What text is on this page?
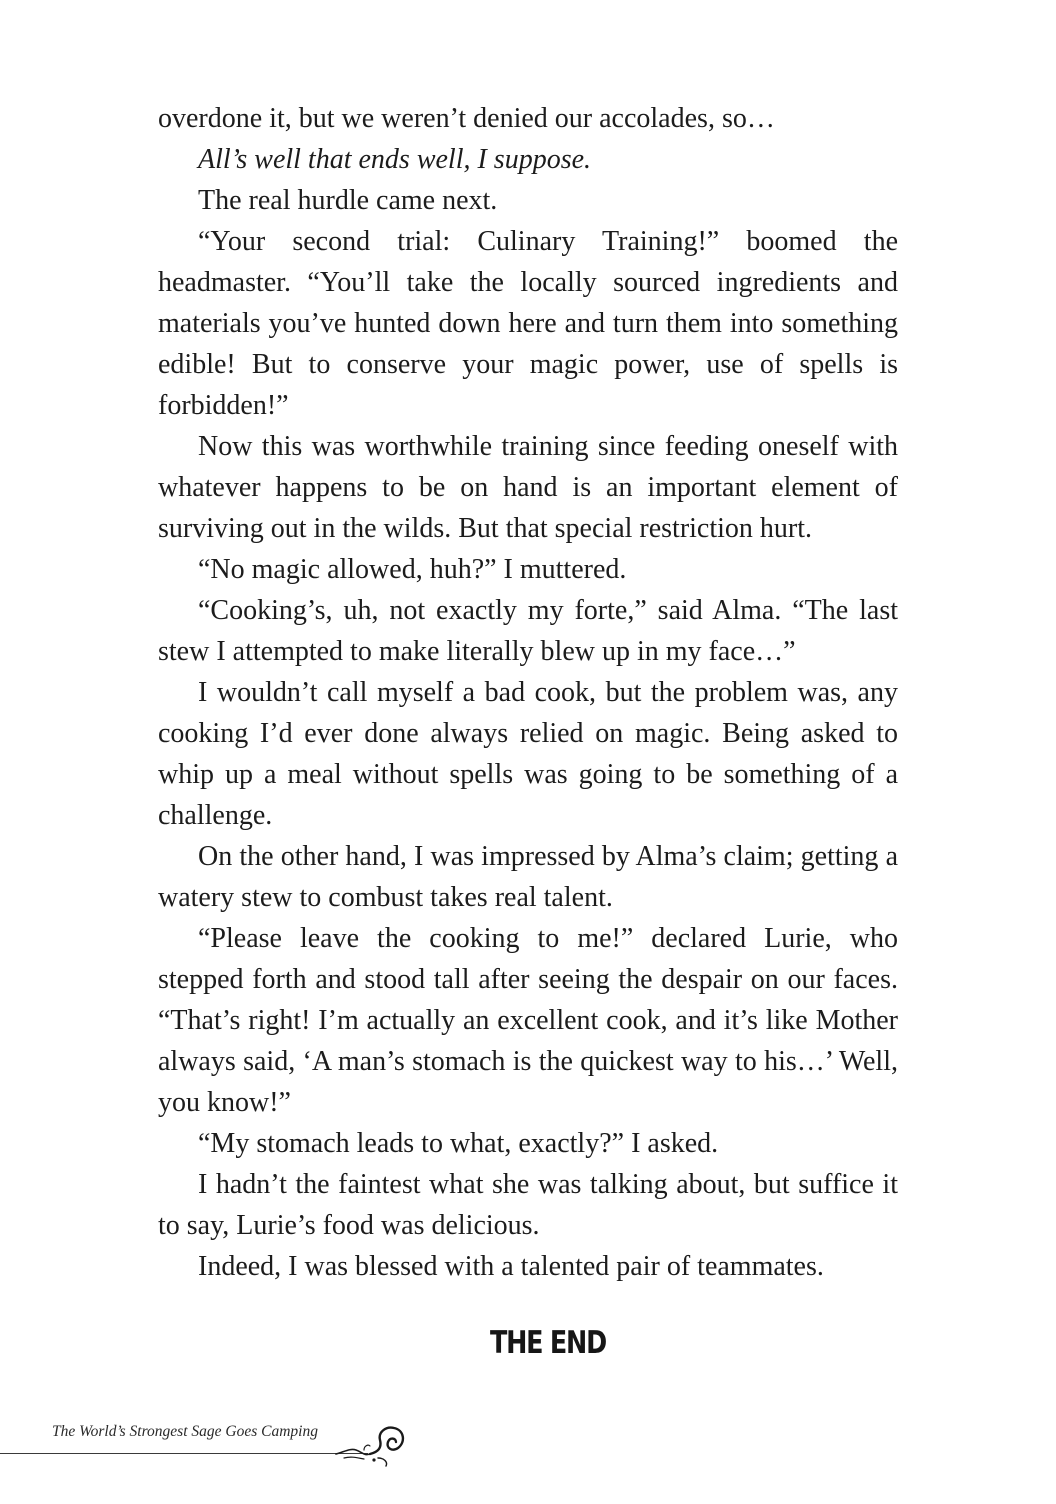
overdone it, but we weren’t denied our accolades, so…

All’s well that ends well, I suppose.

The real hurdle came next.

“Your second trial: Culinary Training!” boomed the headmaster. “You’ll take the locally sourced ingredients and materials you’ve hunted down here and turn them into something edible! But to conserve your magic power, use of spells is forbidden!”

Now this was worthwhile training since feeding oneself with whatever happens to be on hand is an important element of surviving out in the wilds. But that special restriction hurt.

“No magic allowed, huh?” I muttered.

“Cooking’s, uh, not exactly my forte,” said Alma. “The last stew I attempted to make literally blew up in my face…”

I wouldn’t call myself a bad cook, but the problem was, any cooking I’d ever done always relied on magic. Being asked to whip up a meal without spells was going to be something of a challenge.

On the other hand, I was impressed by Alma’s claim; getting a watery stew to combust takes real talent.

“Please leave the cooking to me!” declared Lurie, who stepped forth and stood tall after seeing the despair on our faces. “That’s right! I’m actually an excellent cook, and it’s like Mother always said, ‘A man’s stomach is the quickest way to his…’ Well, you know!”

“My stomach leads to what, exactly?” I asked.

I hadn’t the faintest what she was talking about, but suffice it to say, Lurie’s food was delicious.

Indeed, I was blessed with a talented pair of teammates.

THE END
The World’s Strongest Sage Goes Camping
